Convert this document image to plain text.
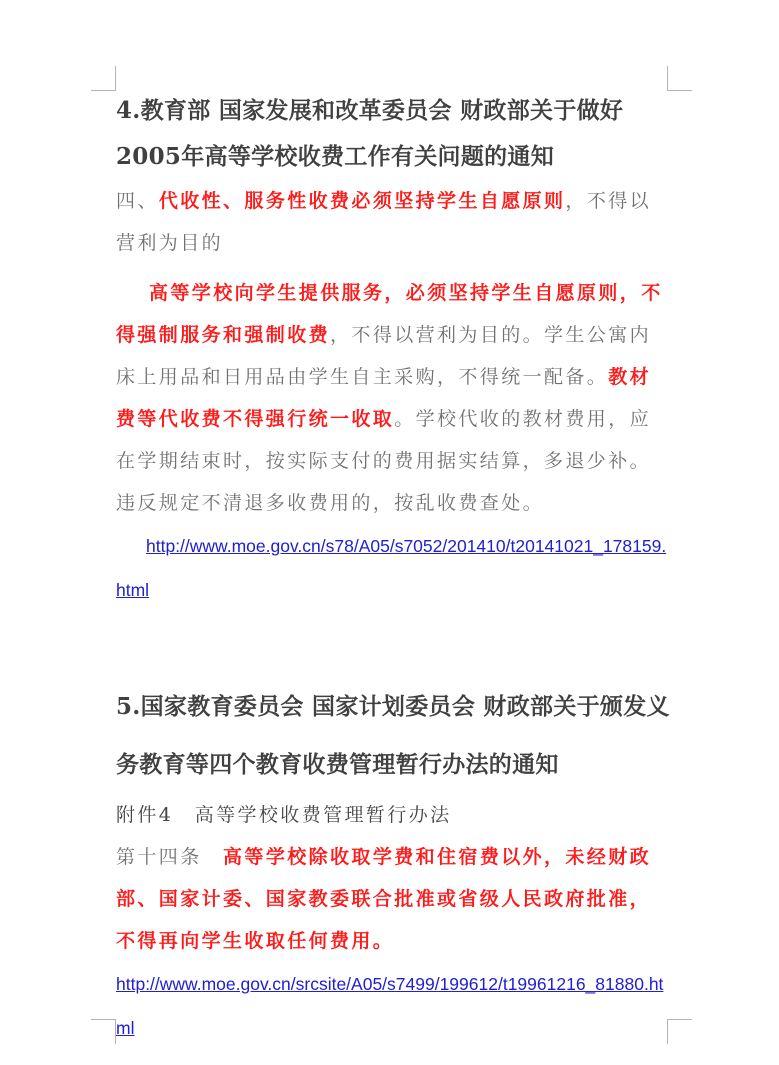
4.教育部 国家发展和改革委员会 财政部关于做好
2005年高等学校收费工作有关问题的通知

四、代收性、服务性收费必须坚持学生自愿原则，不得以营利为目的

高等学校向学生提供服务，必须坚持学生自愿原则，不得强制服务和强制收费，不得以营利为目的。学生公寓内床上用品和日用品由学生自主采购，不得统一配备。教材费等代收费不得强行统一收取。学校代收的教材费用，应在学期结束时，按实际支付的费用据实结算，多退少补。违反规定不清退多收费用的，按乱收费查处。

http://www.moe.gov.cn/s78/A05/s7052/201410/t20141021_178159.html

5.国家教育委员会 国家计划委员会 财政部关于颁发义务教育等四个教育收费管理暂行办法的通知

附件4　高等学校收费管理暂行办法

第十四条　高等学校除收取学费和住宿费以外，未经财政部、国家计委、国家教委联合批准或省级人民政府批准，不得再向学生收取任何费用。

http://www.moe.gov.cn/srcsite/A05/s7499/199612/t19961216_81880.html
